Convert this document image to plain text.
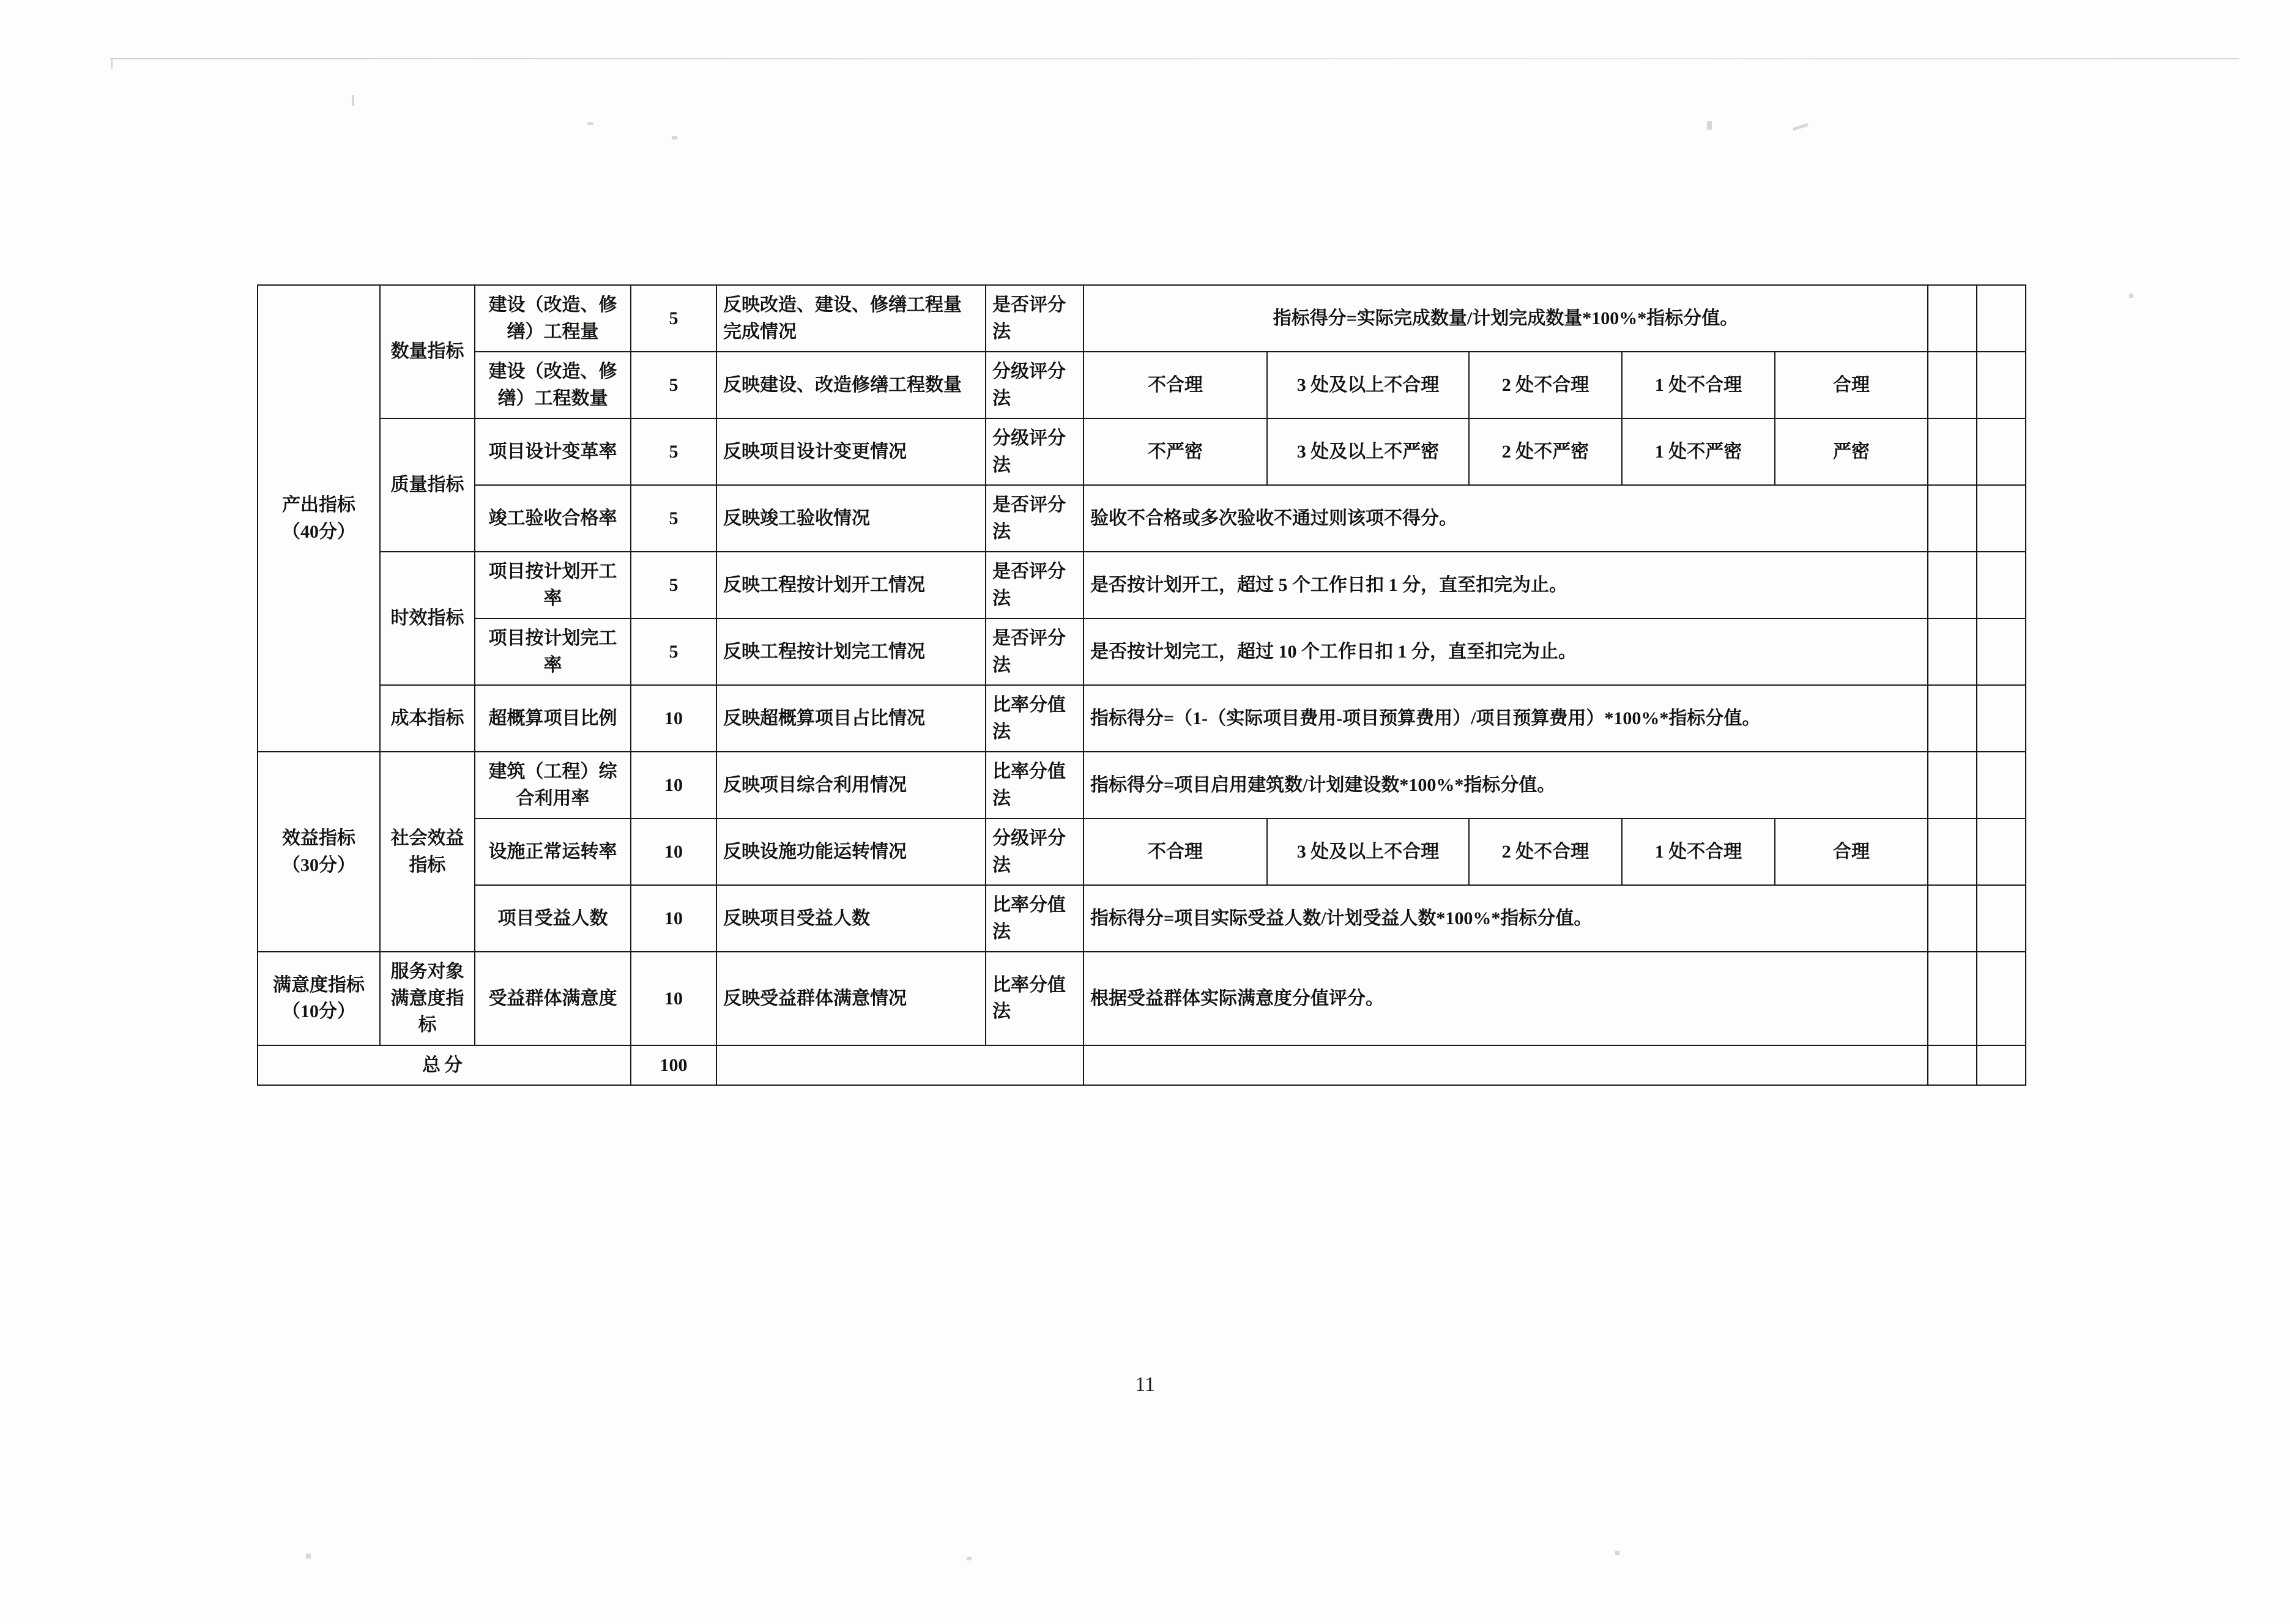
产出指标（40分）	数量指标	建设（改造、修缮）工程量	5	反映改造、建设、修缮工程量完成情况	是否评分法	指标得分=实际完成数量/计划完成数量*100%*指标分值。						
		建设（改造、修缮）工程数量	5	反映建设、改造修缮工程数量	分级评分法	不合理	3 处及以上不合理	2 处不合理	1 处不合理	合理		
	质量指标	项目设计变革率	5	反映项目设计变更情况	分级评分法	不严密	3 处及以上不严密	2 处不严密	1 处不严密	严密		
		竣工验收合格率	5	反映竣工验收情况	是否评分法	验收不合格或多次验收不通过则该项不得分。						
	时效指标	项目按计划开工率	5	反映工程按计划开工情况	是否评分法	是否按计划开工，超过 5 个工作日扣 1 分，直至扣完为止。						
		项目按计划完工率	5	反映工程按计划完工情况	是否评分法	是否按计划完工，超过 10 个工作日扣 1 分，直至扣完为止。						
	成本指标	超概算项目比例	10	反映超概算项目占比情况	比率分值法	指标得分=（1-（实际项目费用-项目预算费用）/项目预算费用）*100%*指标分值。						
效益指标（30分）	社会效益指标	建筑（工程）综合利用率	10	反映项目综合利用情况	比率分值法	指标得分=项目启用建筑数/计划建设数*100%*指标分值。						
		设施正常运转率	10	反映设施功能运转情况	分级评分法	不合理	3 处及以上不合理	2 处不合理	1 处不合理	合理		
		项目受益人数	10	反映项目受益人数	比率分值法	指标得分=项目实际受益人数/计划受益人数*100%*指标分值。						
满意度指标（10分）	服务对象满意度指标	受益群体满意度	10	反映受益群体满意情况	比率分值法	根据受益群体实际满意度分值评分。						
总分			100									
11
